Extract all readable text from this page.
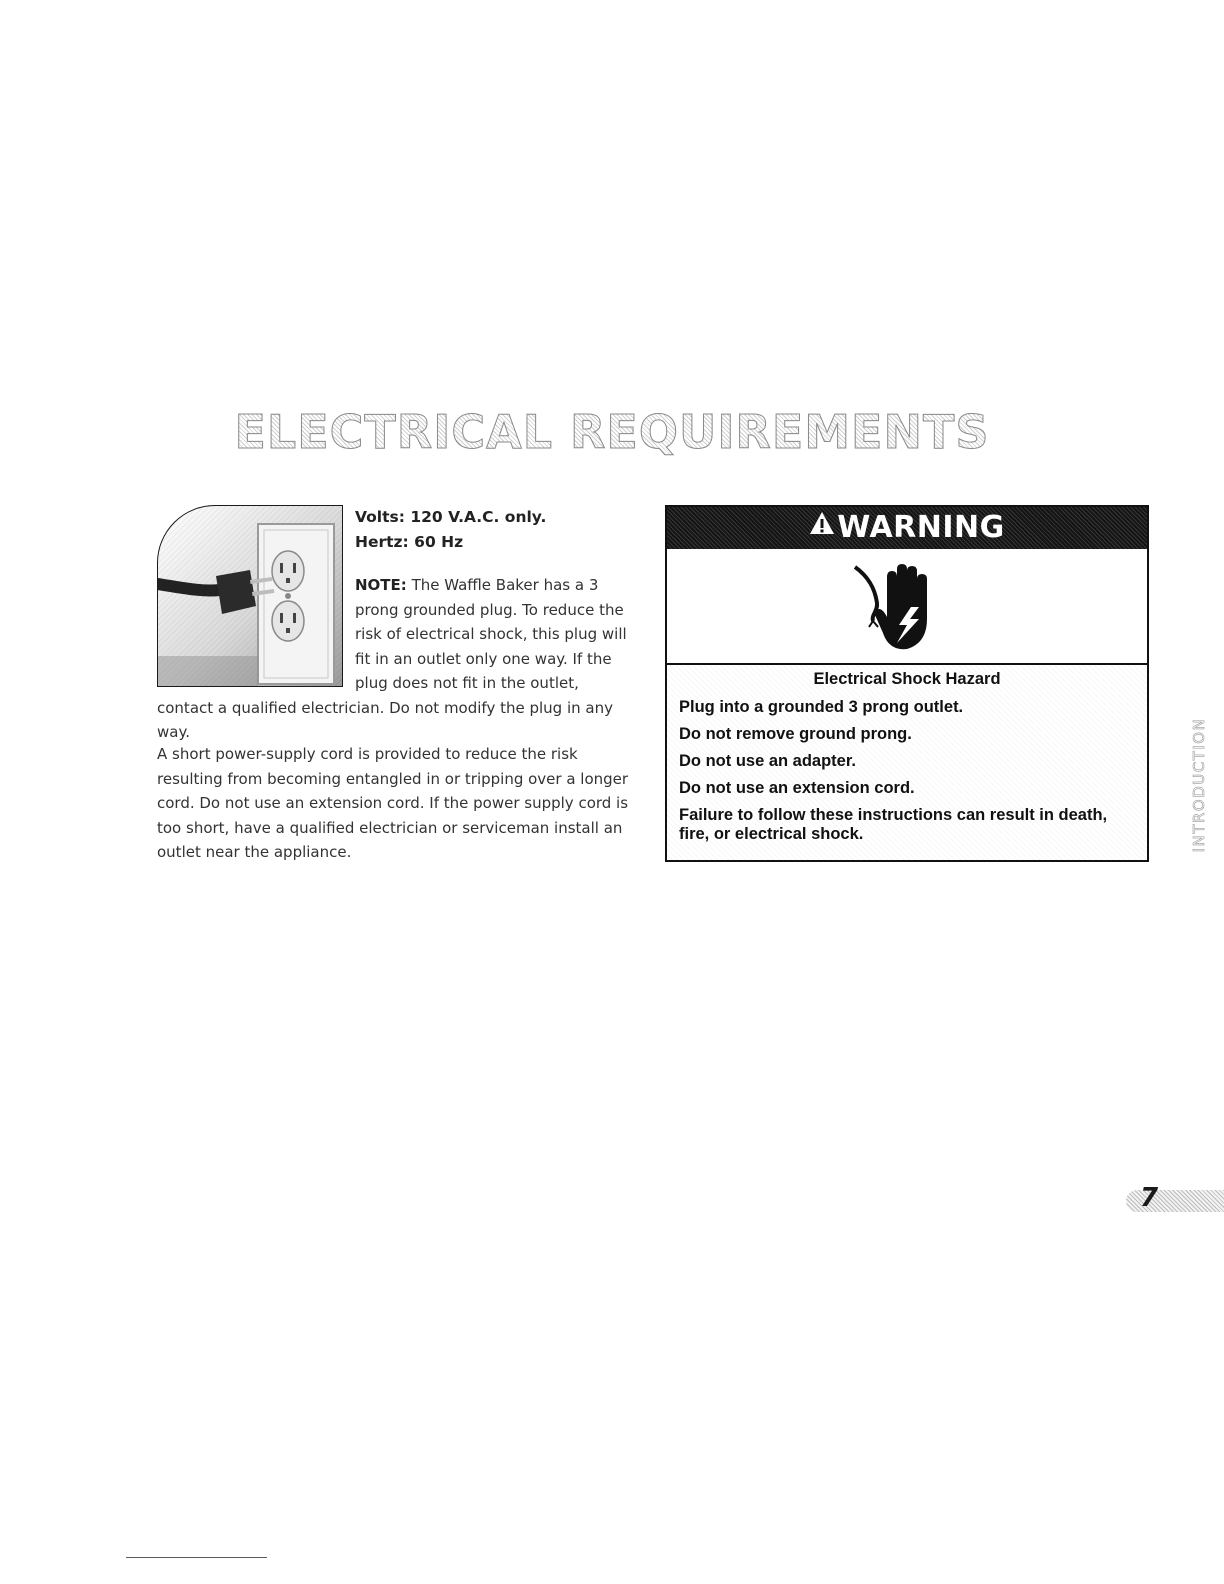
ELECTRICAL REQUIREMENTS
Volts: 120 V.A.C. only.
Hertz: 60 Hz
NOTE: The Waffle Baker has a 3 prong grounded plug. To reduce the risk of electrical shock, this plug will fit in an outlet only one way. If the plug does not fit in the outlet, contact a qualified electrician. Do not modify the plug in any way.

A short power-supply cord is provided to reduce the risk resulting from becoming entangled in or tripping over a longer cord. Do not use an extension cord. If the power supply cord is too short, have a qualified electrician or serviceman install an outlet near the appliance.

WARNING

Electrical Shock Hazard

Plug into a grounded 3 prong outlet.
Do not remove ground prong.
Do not use an adapter.
Do not use an extension cord.
Failure to follow these instructions can result in death, fire, or electrical shock.	INTRODUCTION
7
